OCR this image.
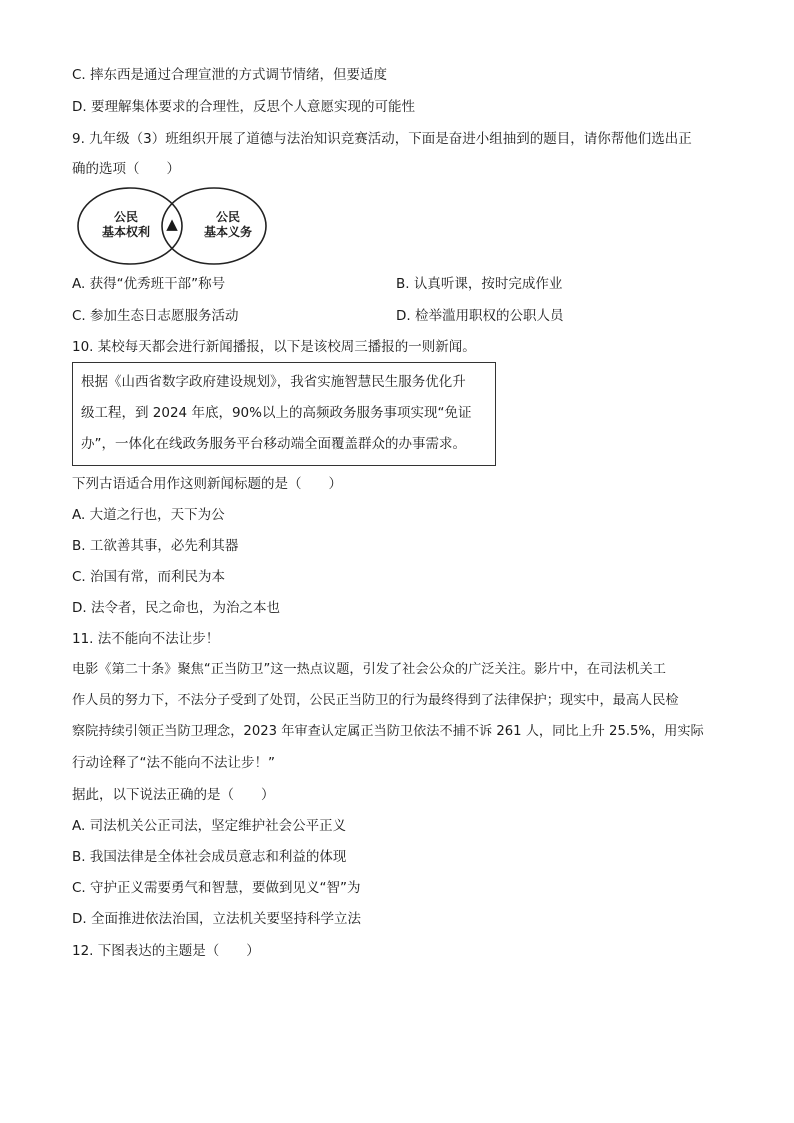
C. 摔东西是通过合理宣泄的方式调节情绪，但要适度
D. 要理解集体要求的合理性，反思个人意愿实现的可能性
9. 九年级（3）班组织开展了道德与法治知识竞赛活动，下面是奋进小组抽到的题目，请你帮他们选出正
确的选项（　　）
公民
基本权利	▲	公民
基本义务
A. 获得“优秀班干部”称号	B. 认真听课，按时完成作业
C. 参加生态日志愿服务活动	D. 检举滥用职权的公职人员
10. 某校每天都会进行新闻播报，以下是该校周三播报的一则新闻。
根据《山西省数字政府建设规划》，我省实施智慧民生服务优化升
级工程，到 2024 年底，90%以上的高频政务服务事项实现“免证
办”，一体化在线政务服务平台移动端全面覆盖群众的办事需求。
下列古语适合用作这则新闻标题的是（　　）
A. 大道之行也，天下为公
B. 工欲善其事，必先利其器
C. 治国有常，而利民为本
D. 法令者，民之命也，为治之本也
11. 法不能向不法让步！
电影《第二十条》聚焦“正当防卫”这一热点议题，引发了社会公众的广泛关注。影片中，在司法机关工
作人员的努力下，不法分子受到了处罚，公民正当防卫的行为最终得到了法律保护；现实中，最高人民检
察院持续引领正当防卫理念，2023 年审查认定属正当防卫依法不捕不诉 261 人，同比上升 25.5%，用实际
行动诠释了“法不能向不法让步！”
据此，以下说法正确的是（　　）
A. 司法机关公正司法，坚定维护社会公平正义
B. 我国法律是全体社会成员意志和利益的体现
C. 守护正义需要勇气和智慧，要做到见义“智”为
D. 全面推进依法治国，立法机关要坚持科学立法
12. 下图表达的主题是（　　）
